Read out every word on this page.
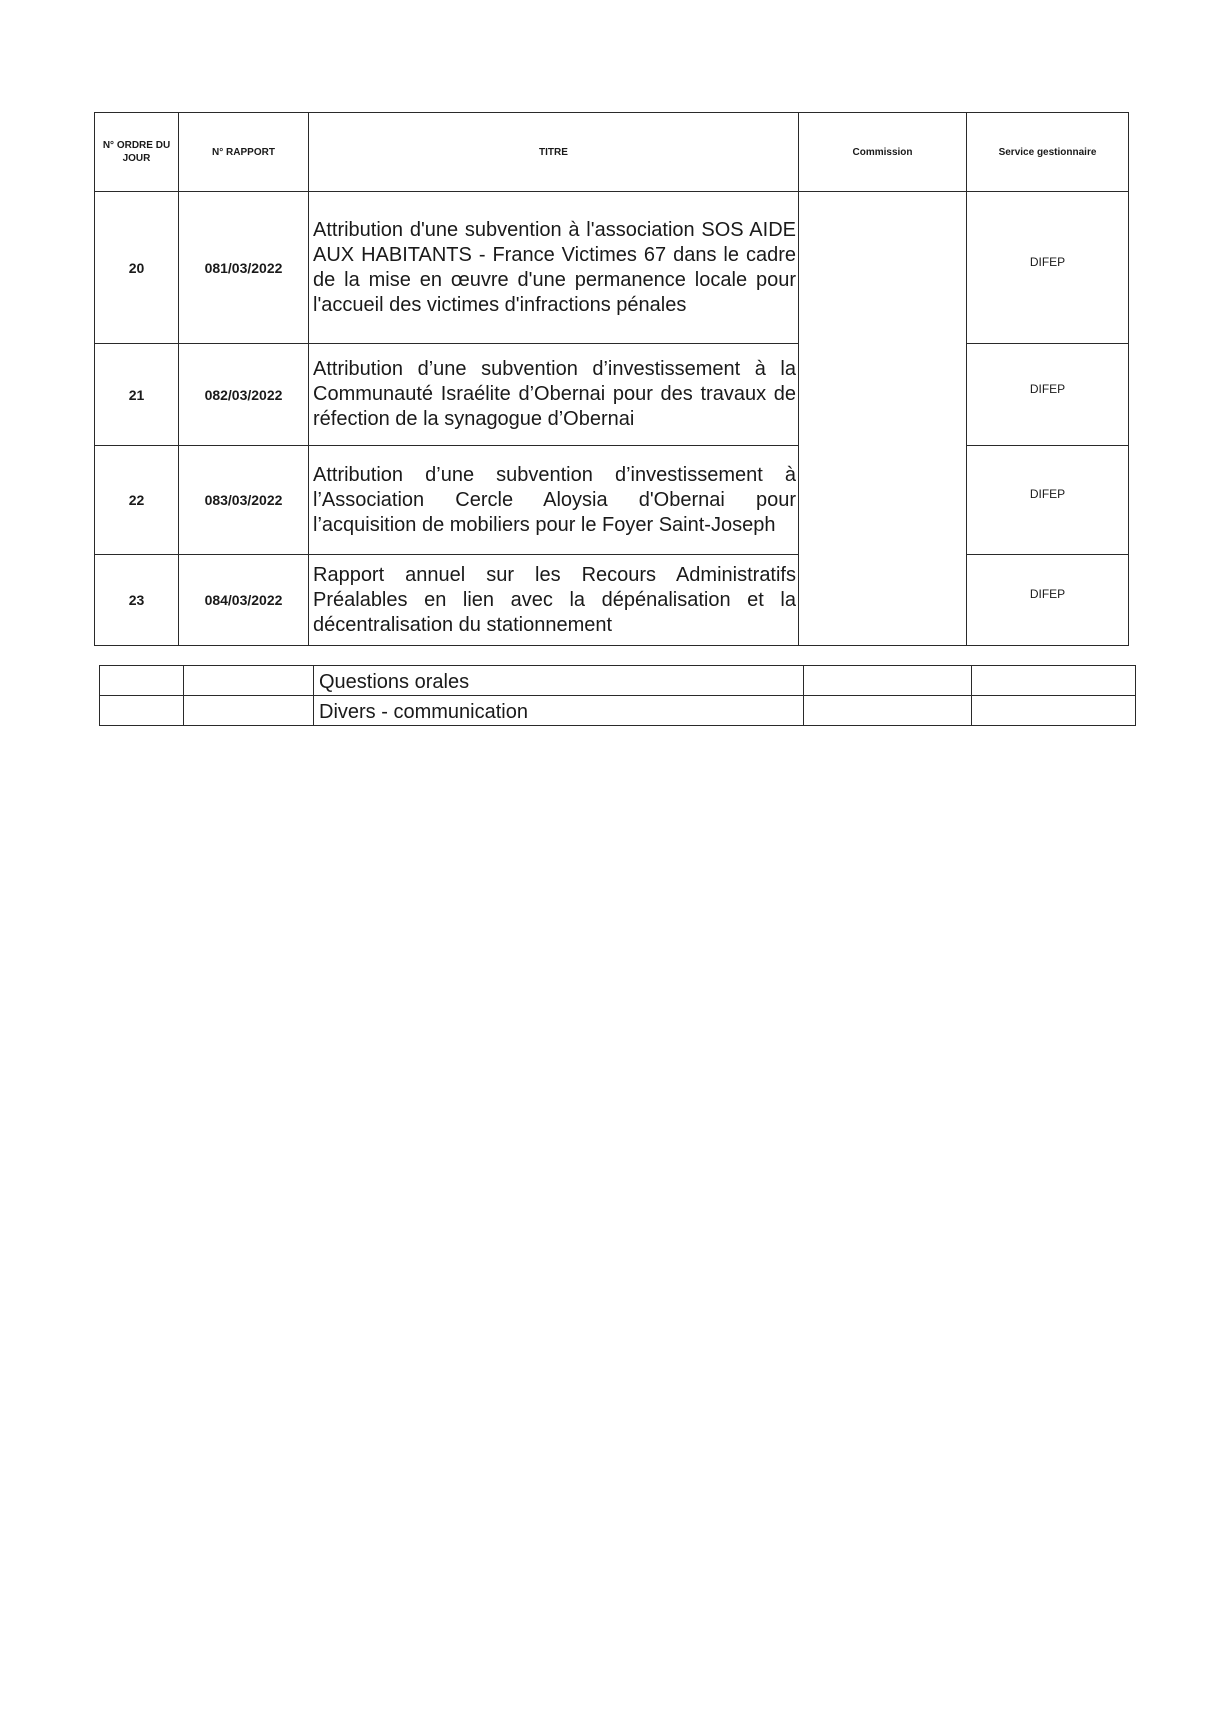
N° ORDRE DU JOUR	N° RAPPORT	TITRE	Commission	Service gestionnaire
20	081/03/2022	Attribution d'une subvention à l'association SOS AIDE AUX HABITANTS - France Victimes 67 dans le cadre de la mise en œuvre d'une permanence locale pour l'accueil des victimes d'infractions pénales		DIFEP
21	082/03/2022	Attribution d’une subvention d’investissement à la Communauté Israélite d’Obernai pour des travaux de réfection de la synagogue d’Obernai		DIFEP
22	083/03/2022	Attribution d’une subvention d’investissement à l’Association Cercle Aloysia d'Obernai pour l’acquisition de mobiliers pour le Foyer Saint-Joseph		DIFEP
23	084/03/2022	Rapport annuel sur les Recours Administratifs Préalables en lien avec la dépénalisation et la décentralisation du stationnement		DIFEP
		Questions orales		
		Divers - communication		
